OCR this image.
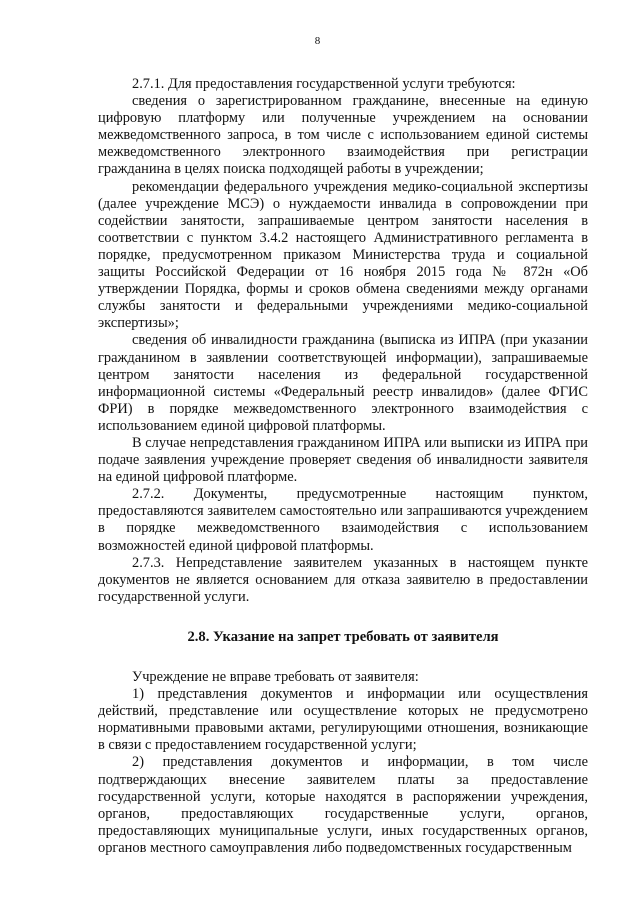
8

2.7.1. Для предоставления государственной услуги требуются:

сведения о зарегистрированном гражданине, внесенные на единую цифровую платформу или полученные учреждением на основании межведомственного запроса, в том числе с использованием единой системы межведомственного электронного взаимодействия при регистрации гражданина в целях поиска подходящей работы в учреждении;

рекомендации федерального учреждения медико-социальной экспертизы (далее учреждение МСЭ) о нуждаемости инвалида в сопровождении при содействии занятости, запрашиваемые центром занятости населения в соответствии с пунктом 3.4.2 настоящего Административного регламента в порядке, предусмотренном приказом Министерства труда и социальной защиты Российской Федерации от 16 ноября 2015 года № 872н «Об утверждении Порядка, формы и сроков обмена сведениями между органами службы занятости и федеральными учреждениями медико-социальной экспертизы»;

сведения об инвалидности гражданина (выписка из ИПРА (при указании гражданином в заявлении соответствующей информации), запрашиваемые центром занятости населения из федеральной государственной информационной системы «Федеральный реестр инвалидов» (далее ФГИС ФРИ) в порядке межведомственного электронного взаимодействия с использованием единой цифровой платформы.

В случае непредставления гражданином ИПРА или выписки из ИПРА при подаче заявления учреждение проверяет сведения об инвалидности заявителя на единой цифровой платформе.

2.7.2. Документы, предусмотренные настоящим пунктом, предоставляются заявителем самостоятельно или запрашиваются учреждением в порядке межведомственного взаимодействия с использованием возможностей единой цифровой платформы.

2.7.3. Непредставление заявителем указанных в настоящем пункте документов не является основанием для отказа заявителю в предоставлении государственной услуги.

2.8. Указание на запрет требовать от заявителя

Учреждение не вправе требовать от заявителя:

1) представления документов и информации или осуществления действий, представление или осуществление которых не предусмотрено нормативными правовыми актами, регулирующими отношения, возникающие в связи с предоставлением государственной услуги;

2) представления документов и информации, в том числе подтверждающих внесение заявителем платы за предоставление государственной услуги, которые находятся в распоряжении учреждения, органов, предоставляющих государственные услуги, органов, предоставляющих муниципальные услуги, иных государственных органов, органов местного самоуправления либо подведомственных государственным
